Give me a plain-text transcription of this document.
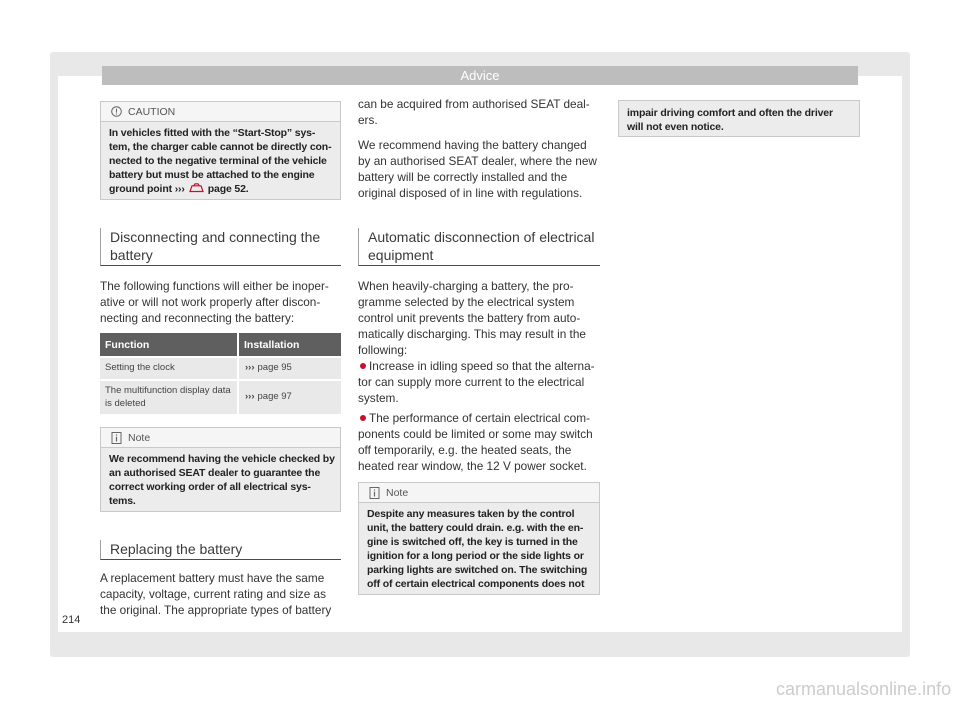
Advice
CAUTION
In vehicles fitted with the “Start-Stop” sys-
tem, the charger cable cannot be directly con-
nected to the negative terminal of the vehicle
battery but must be attached to the engine
ground point ››› page 52.
Disconnecting and connecting the
battery
The following functions will either be inoper-
ative or will not work properly after discon-
necting and reconnecting the battery:
Function	Installation
Setting the clock	››› page 95
The multifunction display data
is deleted
››› page 97
Note
We recommend having the vehicle checked by
an authorised SEAT dealer to guarantee the
correct working order of all electrical sys-
tems.
Replacing the battery
A replacement battery must have the same
capacity, voltage, current rating and size as
the original. The appropriate types of battery
can be acquired from authorised SEAT deal-
ers.
We recommend having the battery changed
by an authorised SEAT dealer, where the new
battery will be correctly installed and the
original disposed of in line with regulations.
Automatic disconnection of electrical
equipment
When heavily-charging a battery, the pro-
gramme selected by the electrical system
control unit prevents the battery from auto-
matically discharging. This may result in the
following:
Increase in idling speed so that the alterna-
tor can supply more current to the electrical
system.
The performance of certain electrical com-
ponents could be limited or some may switch
off temporarily, e.g. the heated seats, the
heated rear window, the 12 V power socket.
Note
Despite any measures taken by the control
unit, the battery could drain. e.g. with the en-
gine is switched off, the key is turned in the
ignition for a long period or the side lights or
parking lights are switched on. The switching
off of certain electrical components does not
impair driving comfort and often the driver
will not even notice.
214
carmanualsonline.info
